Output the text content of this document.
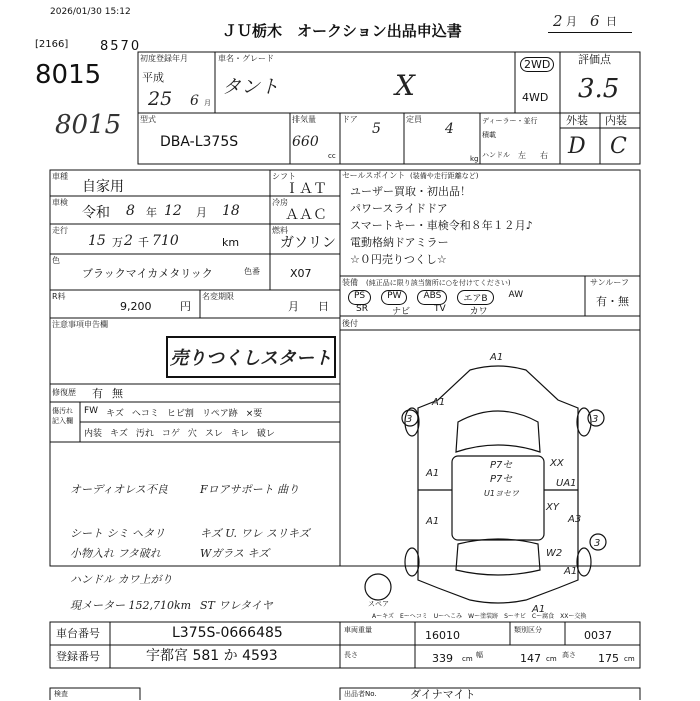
2026/01/30 15:12
[2166] 8570
ＪＵ栃木　オークション出品申込書
2 月 6 日
8015
8015
初度登録年月
平成
25 6 月
車名・グレード
タント	X
2WD
4WD
評価点
3.5
型式
DBA-L375S
排気量
660
cc
ドア
5
定員
4	ディーラー・並行
積載
kg ハンドル 左 右
外装 内装
D C
車種
自家用
シフト
ＩＡＴ
車検
令和 8 年 12 月 18
冷房
ＡＡＣ
走行
15 万 2 千 710	km
燃料
ガソリン
色
ブラックマイカメタリック	色番	X07
R料
9,200	円
名変期限
月 日
注意事項申告欄
売りつくしスタート
修復歴 有 無
傷汚れ記入欄
FW キズ ヘコミ ヒビ割 リペア跡 ×要
内装 キズ 汚れ コゲ 穴 スレ キレ 破レ
オーディオレス不良	Fロアサポート 曲り
シート シミ ヘタリ	キズ U. ワレ スリキズ
小物入れ フタ破れ	Wガラス キズ
ハンドル カワ上がり
現メーター 152,710km ST ワレタイヤ
セールスポイント (装備や走行距離など)
ユーザー買取・初出品！
パワースライドドア
スマートキー・車検令和８年１２月♪
電動格納ドアミラー
☆０円売りつくし☆
装備 (純正品に限り該当箇所に○を付けてください)	サンルーフ
有・無
PS	PW	ABS	エアB	AW
SR	ナビ	TV	カワ
後付
A1
A1
3	3
A1
A1
XX
UA1
XY
A3
3
W2
A1
A1
P7セ
P7セ
U1ヨセワ
スペア
Aーキズ　Eーヘコミ　Uーへこみ　Wー塗装跡　Sーサビ　Cー腐食　XXー交換
車台番号	L375S-0666485
登録番号	宇都宮 581 か 4593
車両重量	16010	類別区分	0037
長さ	339 cm 幅	147 cm 高さ 175 cm
検査	出品者No.	ダイナマイト
